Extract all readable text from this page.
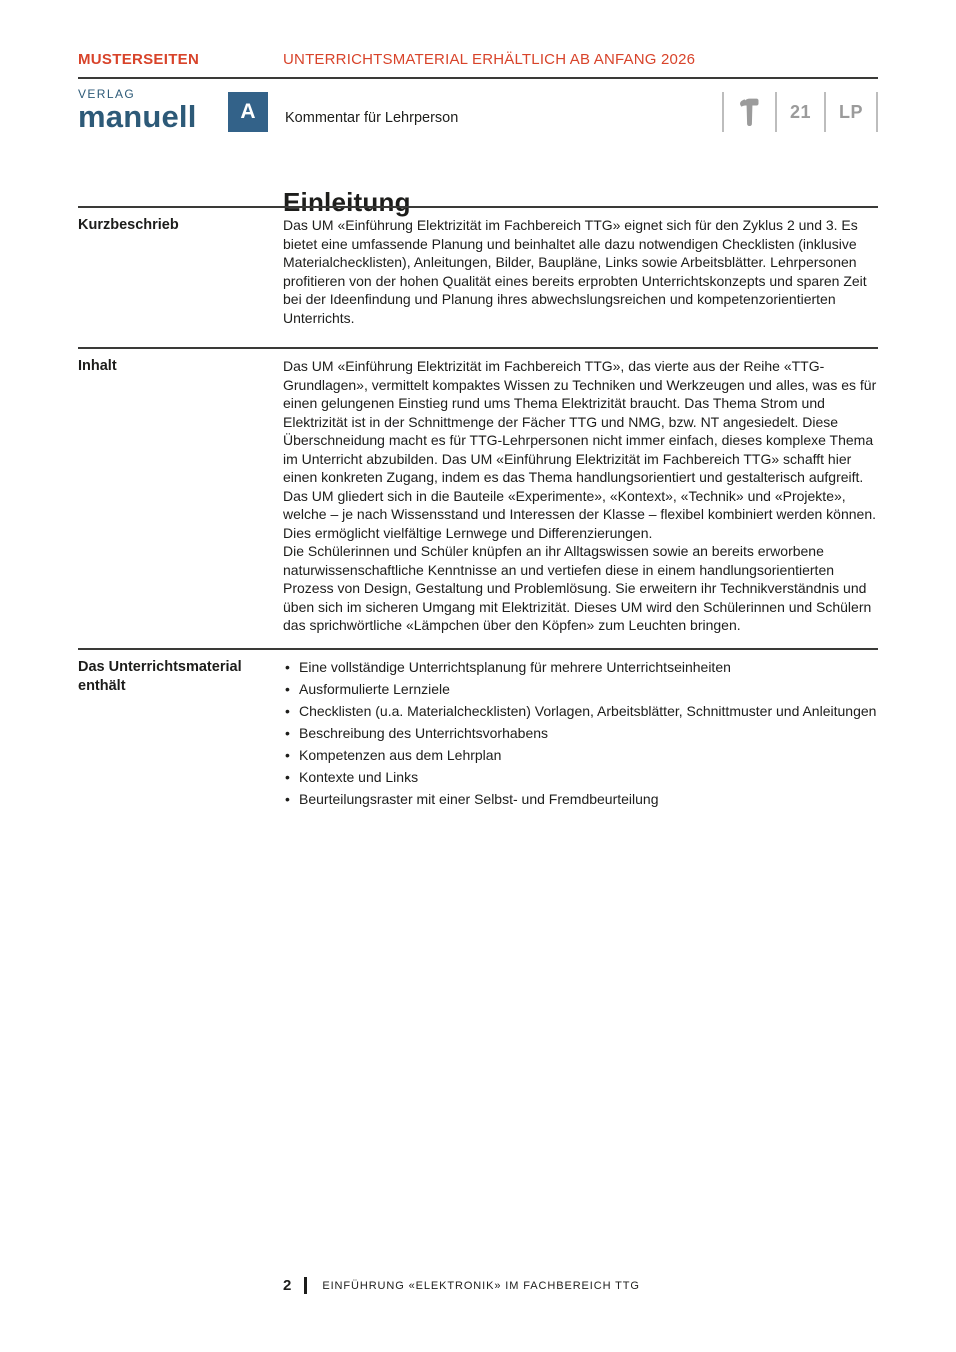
MUSTERSEITEN	UNTERRICHTSMATERIAL ERHÄLTLICH AB ANFANG 2026
VERLAG
manuell	A	Kommentar für Lehrperson	21 LP
Einleitung
Kurzbeschrieb	Das UM «Einführung Elektrizität im Fachbereich TTG» eignet sich für den Zyklus 2 und 3. Es bietet eine umfassende Planung und beinhaltet alle dazu notwendigen Checklisten (inklusive Materialchecklisten), Anleitungen, Bilder, Baupläne, Links sowie Arbeitsblätter. Lehrpersonen profitieren von der hohen Qualität eines bereits erprobten Unterrichtskonzepts und sparen Zeit bei der Ideenfindung und Planung ihres abwechslungsreichen und kompetenzorientierten Unterrichts.

Inhalt	Das UM «Einführung Elektrizität im Fachbereich TTG», das vierte aus der Reihe «TTG-Grundlagen», vermittelt kompaktes Wissen zu Techniken und Werkzeugen und alles, was es für einen gelungenen Einstieg rund ums Thema Elektrizität braucht. Das Thema Strom und Elektrizität ist in der Schnittmenge der Fächer TTG und NMG, bzw. NT angesiedelt. Diese Überschneidung macht es für TTG-Lehrpersonen nicht immer einfach, dieses komplexe Thema im Unterricht abzubilden. Das UM «Einführung Elektrizität im Fachbereich TTG» schafft hier einen konkreten Zugang, indem es das Thema handlungsorientiert und gestalterisch aufgreift. Das UM gliedert sich in die Bauteile «Experimente», «Kontext», «Technik» und «Projekte», welche – je nach Wissensstand und Interessen der Klasse – flexibel kombiniert werden können. Dies ermöglicht vielfältige Lernwege und Differenzierungen.

Die Schülerinnen und Schüler knüpfen an ihr Alltagswissen sowie an bereits erworbene naturwissenschaftliche Kenntnisse an und vertiefen diese in einem handlungsorientierten Prozess von Design, Gestaltung und Problemlösung. Sie erweitern ihr Technikverständnis und üben sich im sicheren Umgang mit Elektrizität. Dieses UM wird den Schülerinnen und Schülern das sprichwörtliche «Lämpchen über den Köpfen» zum Leuchten bringen.

Das Unterrichtsmaterial enthält
• Eine vollständige Unterrichtsplanung für mehrere Unterrichtseinheiten
• Ausformulierte Lernziele
• Checklisten (u.a. Materialchecklisten) Vorlagen, Arbeitsblätter, Schnittmuster und Anleitungen
• Beschreibung des Unterrichtsvorhabens
• Kompetenzen aus dem Lehrplan
• Kontexte und Links
• Beurteilungsraster mit einer Selbst- und Fremdbeurteilung
2	EINFÜHRUNG «ELEKTRONIK» IM FACHBEREICH TTG
